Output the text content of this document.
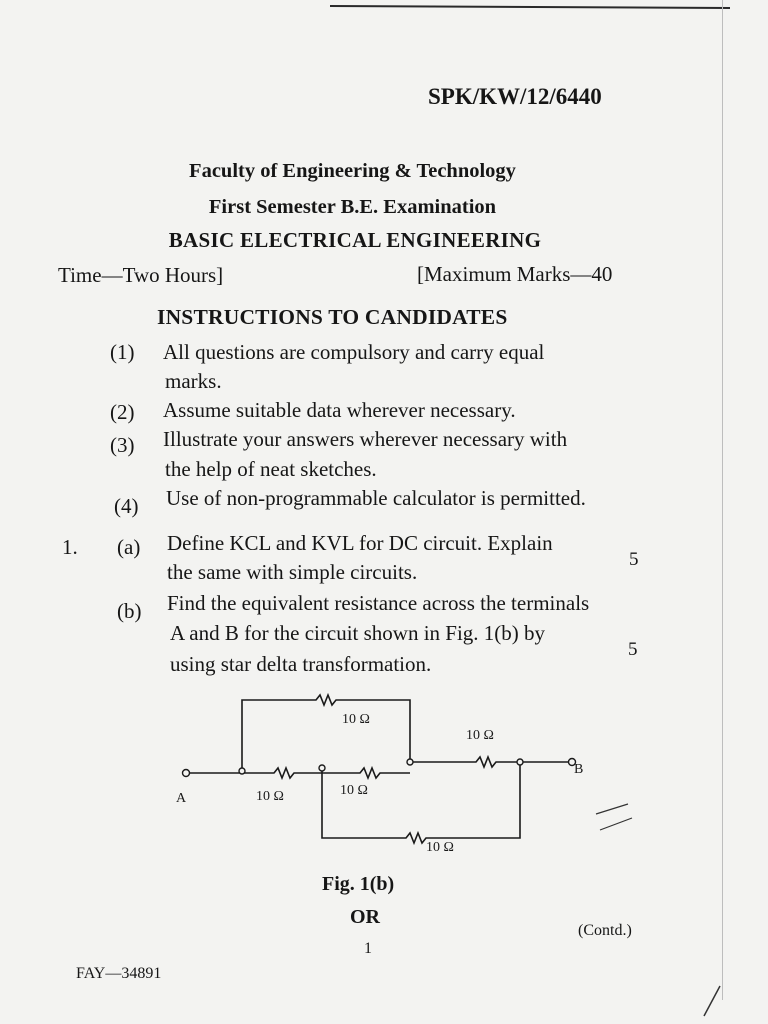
SPK/KW/12/6440
Faculty of Engineering & Technology
First Semester B.E. Examination
BASIC ELECTRICAL ENGINEERING
Time—Two Hours]	[Maximum Marks—40
INSTRUCTIONS TO CANDIDATES
(1) All questions are compulsory and carry equal
marks.
(2) Assume suitable data wherever necessary.
(3) Illustrate your answers wherever necessary with
the help of neat sketches.
(4) Use of non-programmable calculator is permitted.
1. (a) Define KCL and KVL for DC circuit. Explain
the same with simple circuits.
5
(b) Find the equivalent resistance across the terminals
A and B for the circuit shown in Fig. 1(b) by
using star delta transformation.
5
10 Ω
10 Ω
10 Ω	10 Ω
10 Ω
A
B
Fig. 1(b)
OR
1
(Contd.)
FAY—34891
